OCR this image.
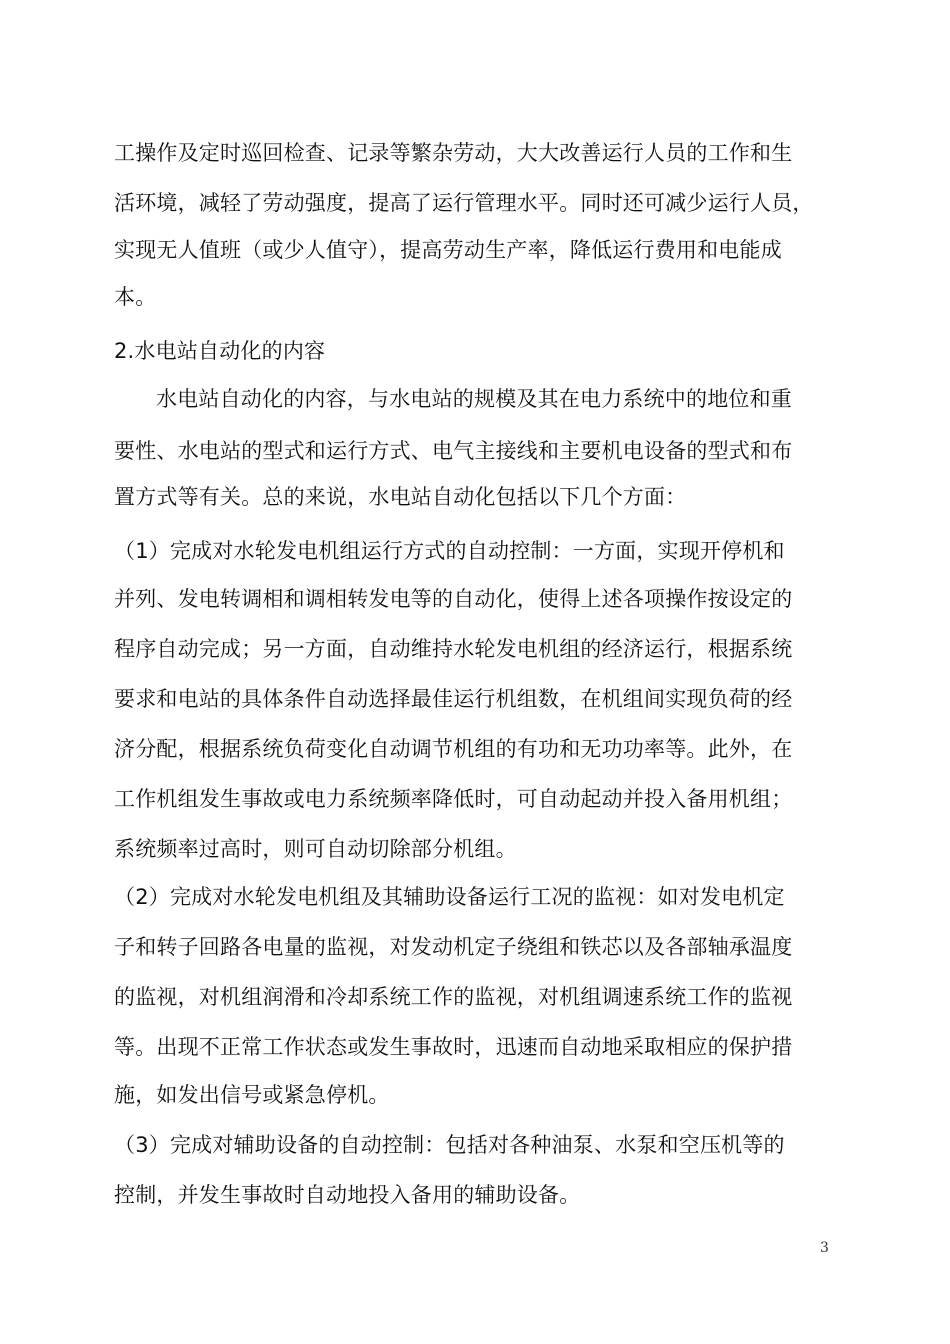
工操作及定时巡回检查、记录等繁杂劳动，大大改善运行人员的工作和生
活环境，减轻了劳动强度，提高了运行管理水平。同时还可减少运行人员，
实现无人值班（或少人值守），提高劳动生产率，降低运行费用和电能成
本。
2.水电站自动化的内容
水电站自动化的内容，与水电站的规模及其在电力系统中的地位和重
要性、水电站的型式和运行方式、电气主接线和主要机电设备的型式和布
置方式等有关。总的来说，水电站自动化包括以下几个方面：
（1）完成对水轮发电机组运行方式的自动控制：一方面，实现开停机和
并列、发电转调相和调相转发电等的自动化，使得上述各项操作按设定的
程序自动完成；另一方面，自动维持水轮发电机组的经济运行，根据系统
要求和电站的具体条件自动选择最佳运行机组数，在机组间实现负荷的经
济分配，根据系统负荷变化自动调节机组的有功和无功功率等。此外，在
工作机组发生事故或电力系统频率降低时，可自动起动并投入备用机组；
系统频率过高时，则可自动切除部分机组。
（2）完成对水轮发电机组及其辅助设备运行工况的监视：如对发电机定
子和转子回路各电量的监视，对发动机定子绕组和铁芯以及各部轴承温度
的监视，对机组润滑和冷却系统工作的监视，对机组调速系统工作的监视
等。出现不正常工作状态或发生事故时，迅速而自动地采取相应的保护措
施，如发出信号或紧急停机。
（3）完成对辅助设备的自动控制：包括对各种油泵、水泵和空压机等的
控制，并发生事故时自动地投入备用的辅助设备。
3
